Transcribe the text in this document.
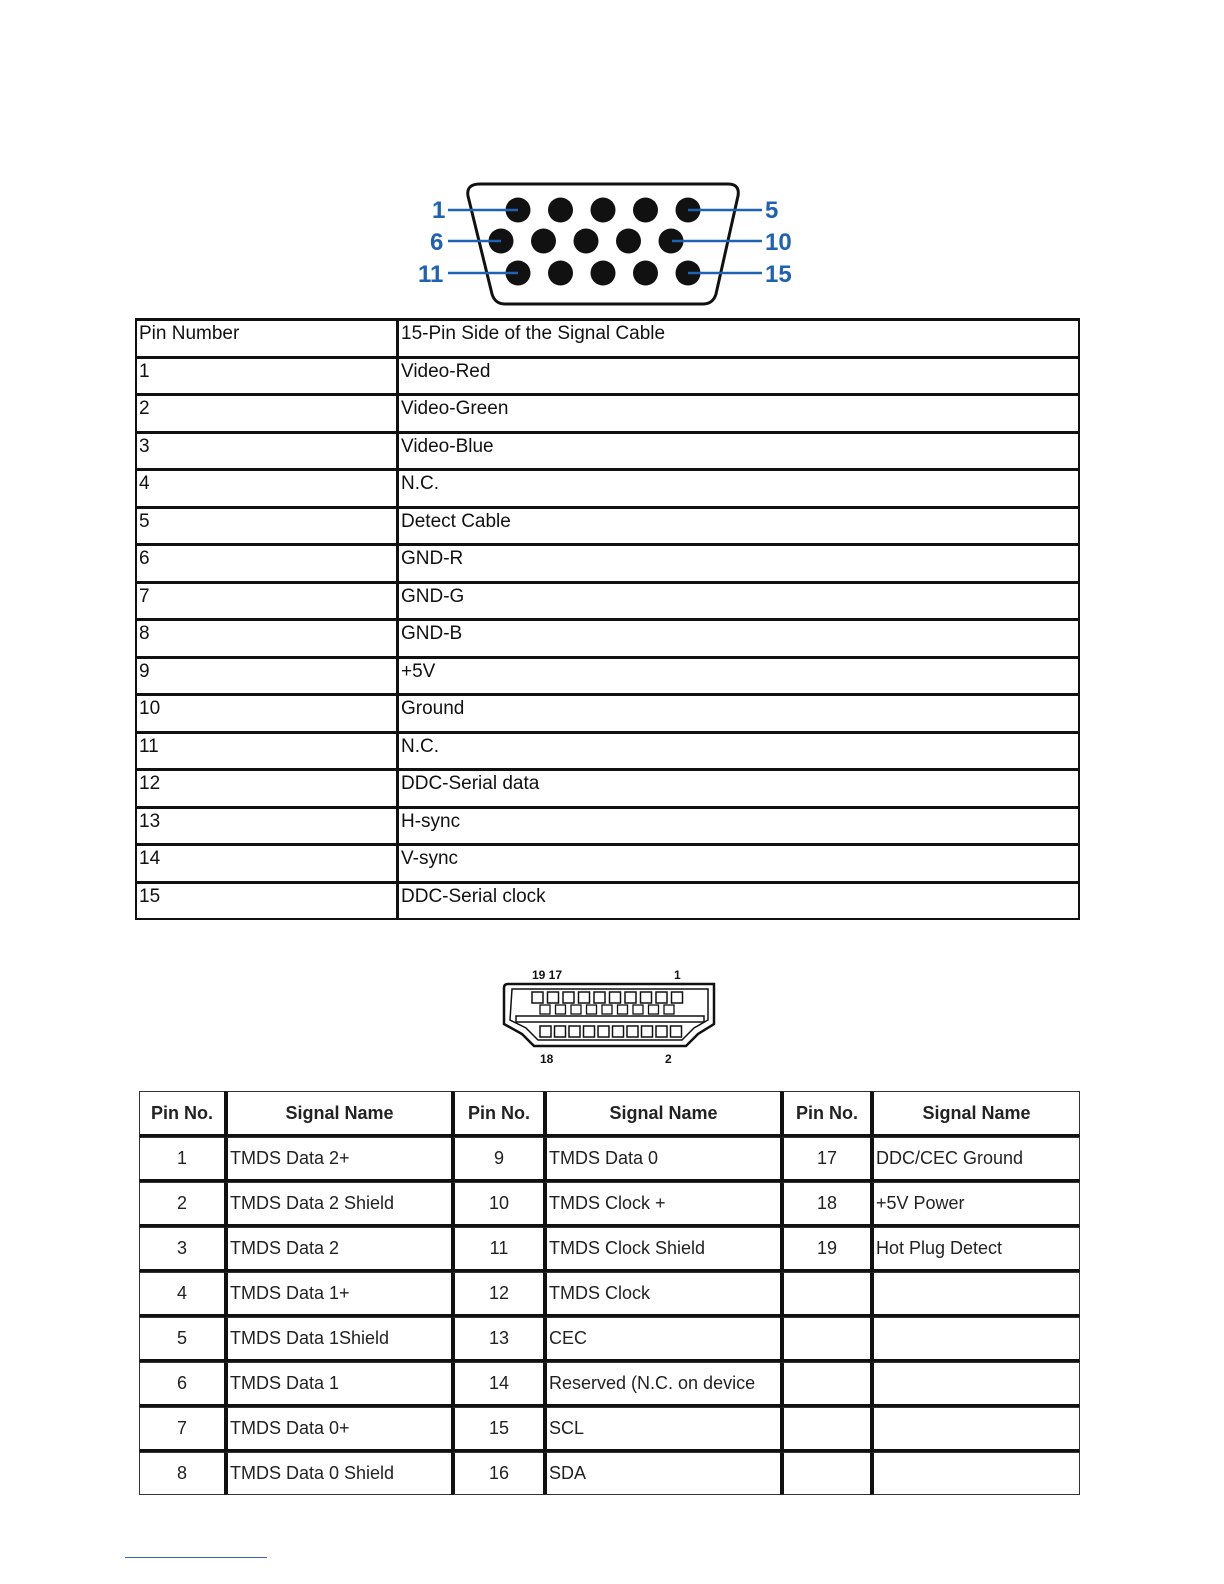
1
6
11
5
10
15
Pin Number	15-Pin Side of the Signal Cable
1	Video-Red
2	Video-Green
3	Video-Blue
4	N.C.
5	Detect Cable
6	GND-R
7	GND-G
8	GND-B
9	+5V
10	Ground
11	N.C.
12	DDC-Serial data
13	H-sync
14	V-sync
15	DDC-Serial clock
19 17	1
18	2
Pin No.	Signal Name	Pin No.	Signal Name	Pin No.	Signal Name
1	TMDS Data 2+	9	TMDS Data 0	17	DDC/CEC Ground
2	TMDS Data 2 Shield	10	TMDS Clock +	18	+5V Power
3	TMDS Data 2	11	TMDS Clock Shield	19	Hot Plug Detect
4	TMDS Data 1+	12	TMDS Clock		
5	TMDS Data 1Shield	13	CEC		
6	TMDS Data 1	14	Reserved (N.C. on device		
7	TMDS Data 0+	15	SCL		
8	TMDS Data 0 Shield	16	SDA		
